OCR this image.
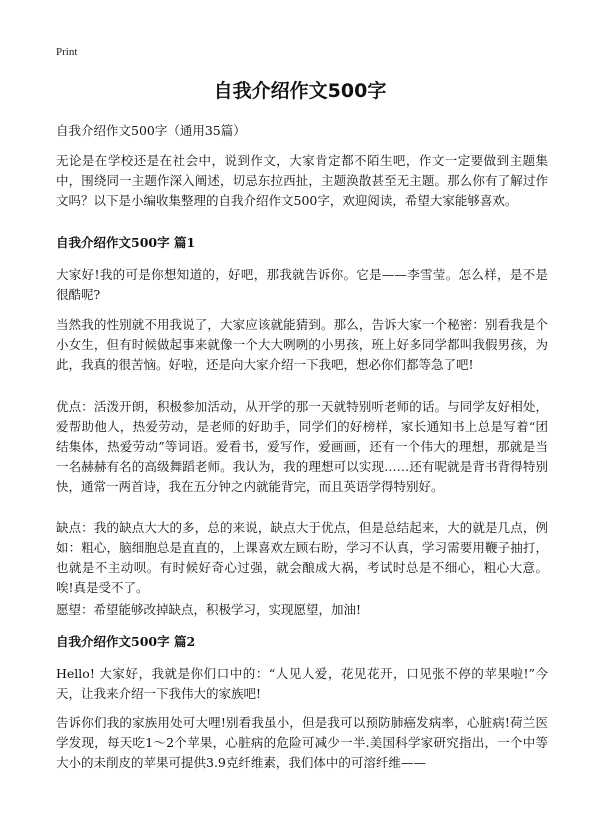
Print
自我介绍作文500字

自我介绍作文500字（通用35篇）

无论是在学校还是在社会中，说到作文，大家肯定都不陌生吧，作文一定要做到主题集中，围绕同一主题作深入阐述，切忌东拉西扯，主题涣散甚至无主题。那么你有了解过作文吗？以下是小编收集整理的自我介绍作文500字，欢迎阅读，希望大家能够喜欢。

自我介绍作文500字 篇1

大家好!我的可是你想知道的，好吧，那我就告诉你。它是——李雪莹。怎么样，是不是很酷呢?

当然我的性别就不用我说了，大家应该就能猜到。那么，告诉大家一个秘密：别看我是个小女生，但有时候做起事来就像一个大大咧咧的小男孩，班上好多同学都叫我假男孩，为此，我真的很苦恼。好啦，还是向大家介绍一下我吧，想必你们都等急了吧!

优点：活泼开朗，积极参加活动，从开学的那一天就特别听老师的话。与同学友好相处，爱帮助他人，热爱劳动，是老师的好助手，同学们的好榜样，家长通知书上总是写着“团结集体，热爱劳动”等词语。爱看书，爱写作，爱画画，还有一个伟大的理想，那就是当一名赫赫有名的高级舞蹈老师。我认为，我的理想可以实现……还有呢就是背书背得特别快，通常一两首诗，我在五分钟之内就能背完，而且英语学得特别好。

缺点：我的缺点大大的多，总的来说，缺点大于优点，但是总结起来，大的就是几点，例如：粗心，脑细胞总是直直的，上课喜欢左顾右盼，学习不认真，学习需要用鞭子抽打，也就是不主动呗。有时候好奇心过强，就会酿成大祸，考试时总是不细心，粗心大意。唉!真是受不了。

愿望：希望能够改掉缺点，积极学习，实现愿望，加油!

自我介绍作文500字 篇2

Hello! 大家好，我就是你们口中的：“人见人爱，花见花开，口见张不停的苹果啦!”今天，让我来介绍一下我伟大的家族吧!

告诉你们我的家族用处可大哩!别看我虽小，但是我可以预防肺癌发病率，心脏病!荷兰医学发现，每天吃1～2个苹果，心脏病的危险可减少一半.美国科学家研究指出，一个中等大小的未削皮的苹果可提供3.9克纤维素，我们体中的可溶纤维——
